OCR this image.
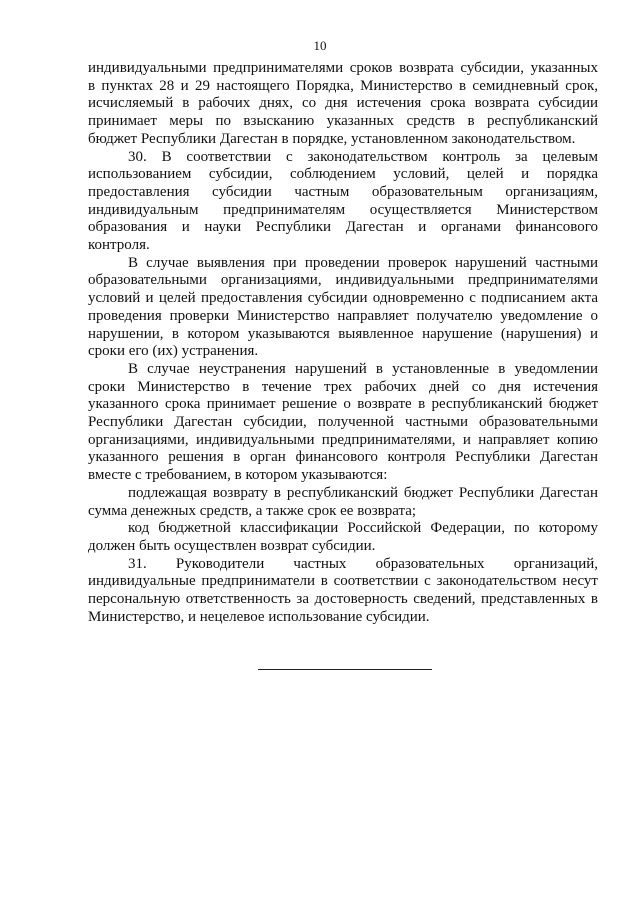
10
индивидуальными предпринимателями сроков возврата субсидии, указанных
в пунктах 28 и 29 настоящего Порядка, Министерство в семидневный срок,
исчисляемый в рабочих днях, со дня истечения срока возврата субсидии
принимает меры по взысканию указанных средств в республиканский
бюджет Республики Дагестан в порядке, установленном законодательством.
30. В соответствии с законодательством контроль за целевым
использованием субсидии, соблюдением условий, целей и порядка
предоставления субсидии частным образовательным организациям,
индивидуальным предпринимателям осуществляется Министерством
образования и науки Республики Дагестан и органами финансового
контроля.
В случае выявления при проведении проверок нарушений частными
образовательными организациями, индивидуальными предпринимателями
условий и целей предоставления субсидии одновременно с подписанием акта
проведения проверки Министерство направляет получателю уведомление о
нарушении, в котором указываются выявленное нарушение (нарушения) и
сроки его (их) устранения.
В случае неустранения нарушений в установленные в уведомлении
сроки Министерство в течение трех рабочих дней со дня истечения
указанного срока принимает решение о возврате в республиканский бюджет
Республики Дагестан субсидии, полученной частными образовательными
организациями, индивидуальными предпринимателями, и направляет копию
указанного решения в орган финансового контроля Республики Дагестан
вместе с требованием, в котором указываются:
подлежащая возврату в республиканский бюджет Республики Дагестан
сумма денежных средств, а также срок ее возврата;
код бюджетной классификации Российской Федерации, по которому
должен быть осуществлен возврат субсидии.
31. Руководители частных образовательных организаций,
индивидуальные предприниматели в соответствии с законодательством несут
персональную ответственность за достоверность сведений, представленных в
Министерство, и нецелевое использование субсидии.
